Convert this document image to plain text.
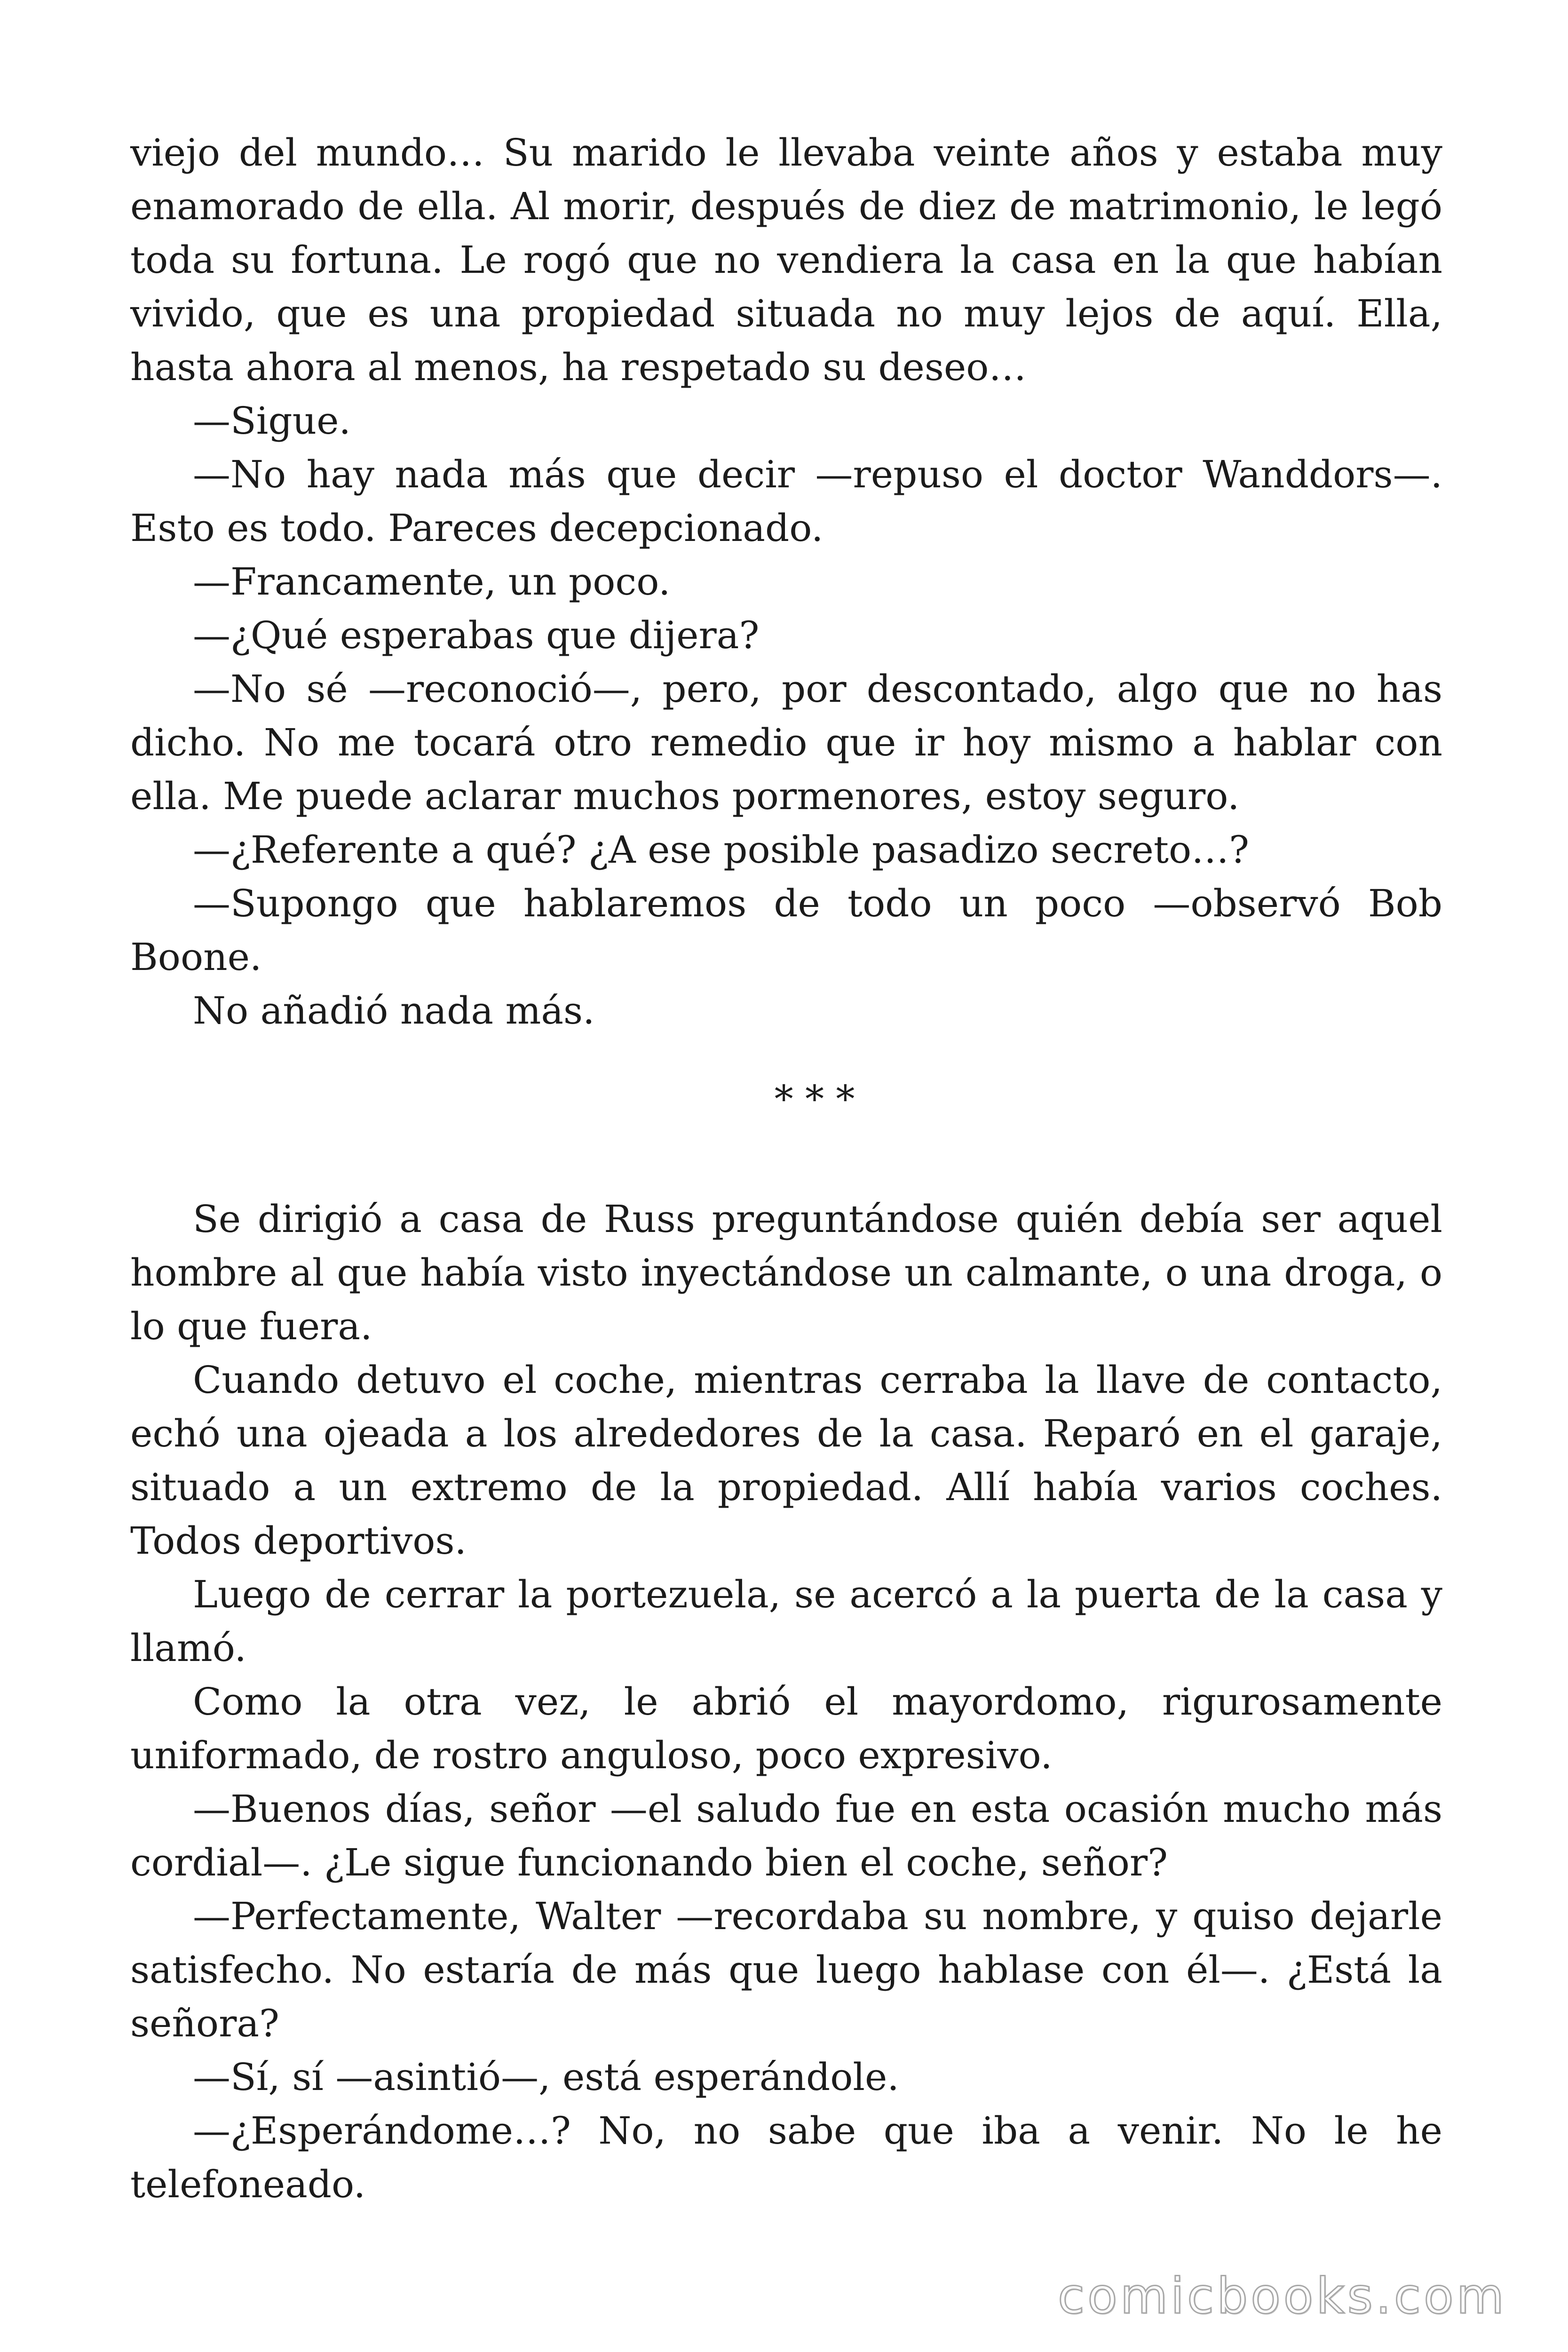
viejo del mundo… Su marido le llevaba veinte años y estaba muy enamorado de ella. Al morir, después de diez de matrimonio, le legó toda su fortuna. Le rogó que no vendiera la casa en la que habían vivido, que es una propiedad situada no muy lejos de aquí. Ella, hasta ahora al menos, ha respetado su deseo…

—Sigue.

—No hay nada más que decir —repuso el doctor Wanddors—. Esto es todo. Pareces decepcionado.

—Francamente, un poco.

—¿Qué esperabas que dijera?

—No sé —reconoció—, pero, por descontado, algo que no has dicho. No me tocará otro remedio que ir hoy mismo a hablar con ella. Me puede aclarar muchos pormenores, estoy seguro.

—¿Referente a qué? ¿A ese posible pasadizo secreto…?

—Supongo que hablaremos de todo un poco —observó Bob Boone.

No añadió nada más.

* * *

Se dirigió a casa de Russ preguntándose quién debía ser aquel hombre al que había visto inyectándose un calmante, o una droga, o lo que fuera.

Cuando detuvo el coche, mientras cerraba la llave de contacto, echó una ojeada a los alrededores de la casa. Reparó en el garaje, situado a un extremo de la propiedad. Allí había varios coches. Todos deportivos.

Luego de cerrar la portezuela, se acercó a la puerta de la casa y llamó.

Como la otra vez, le abrió el mayordomo, rigurosamente uniformado, de rostro anguloso, poco expresivo.

—Buenos días, señor —el saludo fue en esta ocasión mucho más cordial—. ¿Le sigue funcionando bien el coche, señor?

—Perfectamente, Walter —recordaba su nombre, y quiso dejarle satisfecho. No estaría de más que luego hablase con él—. ¿Está la señora?

—Sí, sí —asintió—, está esperándole.

—¿Esperándome…? No, no sabe que iba a venir. No le he telefoneado.

comicbooks.com
